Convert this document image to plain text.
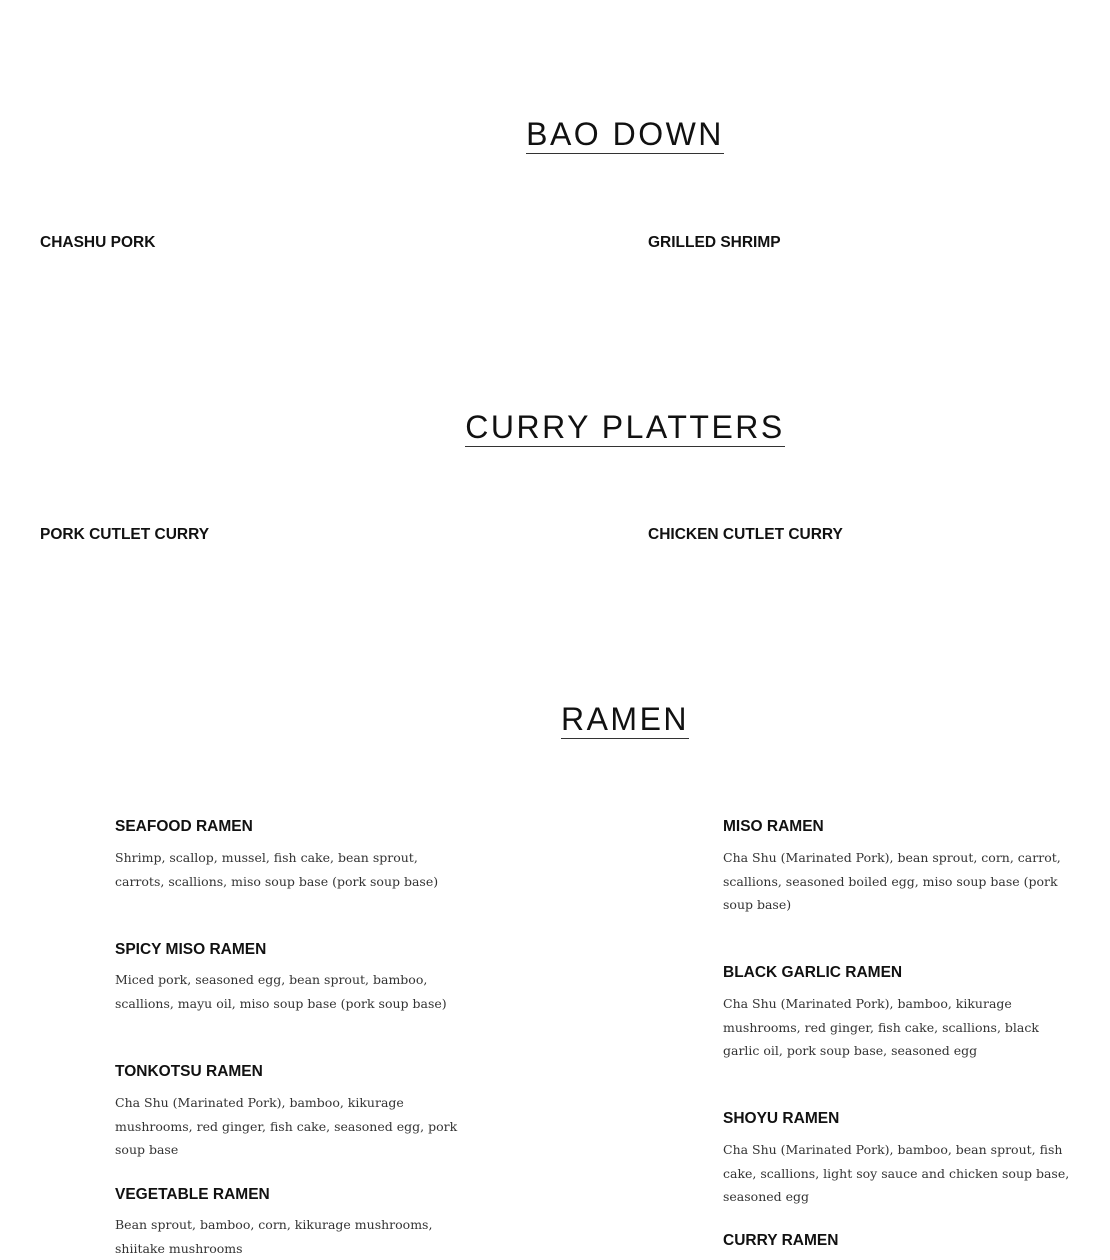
BAO DOWN
CHASHU PORK	GRILLED SHRIMP
CURRY PLATTERS
PORK CUTLET CURRY	CHICKEN CUTLET CURRY
RAMEN
SEAFOOD RAMEN

Shrimp, scallop, mussel, fish cake, bean sprout, carrots, scallions, miso soup base (pork soup base)

SPICY MISO RAMEN

Miced pork, seasoned egg, bean sprout, bamboo, scallions, mayu oil, miso soup base (pork soup base)

TONKOTSU RAMEN

Cha Shu (Marinated Pork), bamboo, kikurage mushrooms, red ginger, fish cake, seasoned egg, pork soup base

VEGETABLE RAMEN

Bean sprout, bamboo, corn, kikurage mushrooms, shiitake mushrooms

MISO RAMEN

Cha Shu (Marinated Pork), bean sprout, corn, carrot, scallions, seasoned boiled egg, miso soup base (pork soup base)

BLACK GARLIC RAMEN

Cha Shu (Marinated Pork), bamboo, kikurage mushrooms, red ginger, fish cake, scallions, black garlic oil, pork soup base, seasoned egg

SHOYU RAMEN

Cha Shu (Marinated Pork), bamboo, bean sprout, fish cake, scallions, light soy sauce and chicken soup base, seasoned egg

CURRY RAMEN
